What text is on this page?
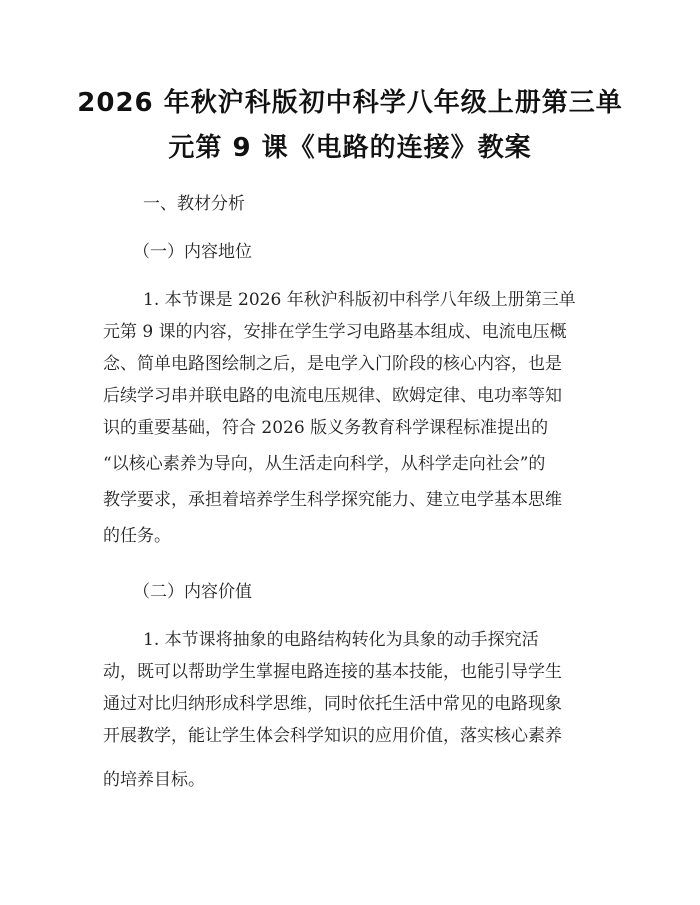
2026 年秋沪科版初中科学八年级上册第三单
元第 9 课《电路的连接》教案
一、教材分析
（一）内容地位
1. 本节课是 2026 年秋沪科版初中科学八年级上册第三单
元第 9 课的内容，安排在学生学习电路基本组成、电流电压概
念、简单电路图绘制之后，是电学入门阶段的核心内容，也是
后续学习串并联电路的电流电压规律、欧姆定律、电功率等知
识的重要基础，符合 2026 版义务教育科学课程标准提出的
“以核心素养为导向，从生活走向科学，从科学走向社会”的
教学要求，承担着培养学生科学探究能力、建立电学基本思维
的任务。
（二）内容价值
1. 本节课将抽象的电路结构转化为具象的动手探究活
动，既可以帮助学生掌握电路连接的基本技能，也能引导学生
通过对比归纳形成科学思维，同时依托生活中常见的电路现象
开展教学，能让学生体会科学知识的应用价值，落实核心素养
的培养目标。
